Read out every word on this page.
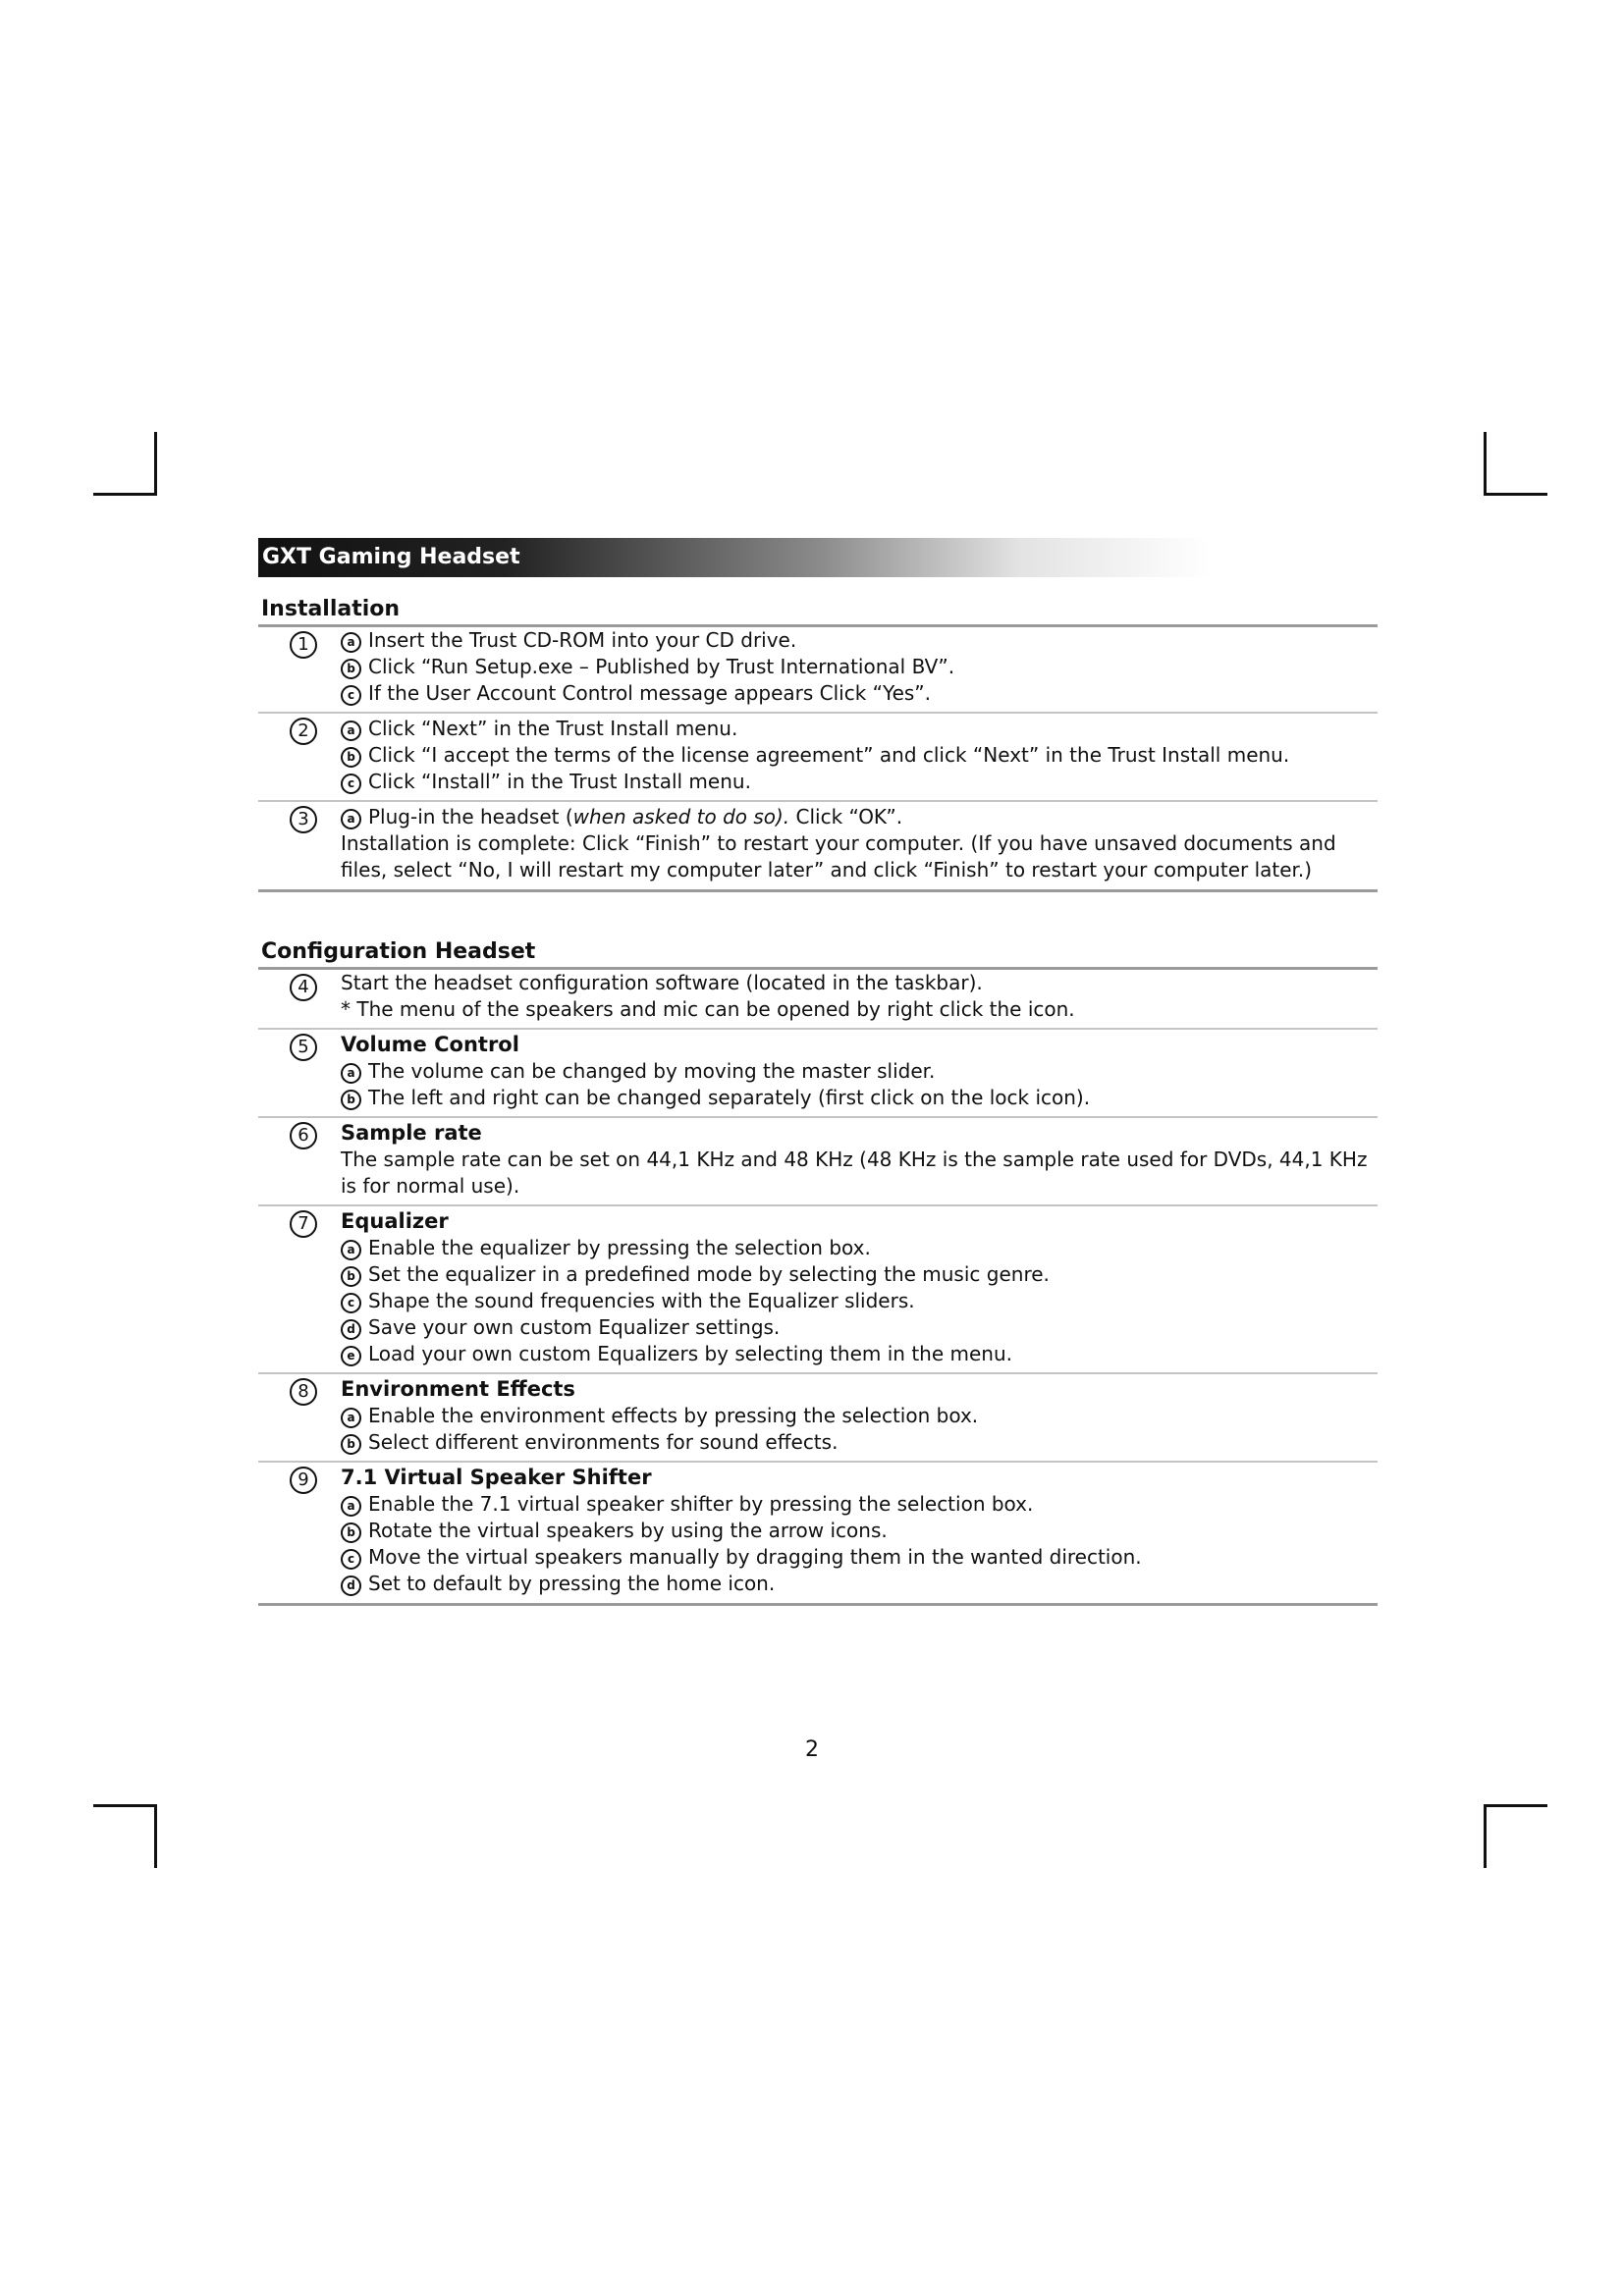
GXT Gaming Headset
Installation
1	a Insert the Trust CD-ROM into your CD drive.
b Click “Run Setup.exe – Published by Trust International BV”.
c If the User Account Control message appears Click “Yes”.
2	a Click “Next” in the Trust Install menu.
b Click “I accept the terms of the license agreement” and click “Next” in the Trust Install menu.
c Click “Install” in the Trust Install menu.
3	a Plug-in the headset (when asked to do so). Click “OK”.
Installation is complete: Click “Finish” to restart your computer. (If you have unsaved documents and files, select “No, I will restart my computer later” and click “Finish” to restart your computer later.)
Configuration Headset
4	Start the headset configuration software (located in the taskbar).
* The menu of the speakers and mic can be opened by right click the icon.
5	Volume Control
a The volume can be changed by moving the master slider.
b The left and right can be changed separately (first click on the lock icon).
6	Sample rate
The sample rate can be set on 44,1 KHz and 48 KHz (48 KHz is the sample rate used for DVDs, 44,1 KHz is for normal use).
7	Equalizer
a Enable the equalizer by pressing the selection box.
b Set the equalizer in a predefined mode by selecting the music genre.
c Shape the sound frequencies with the Equalizer sliders.
d Save your own custom Equalizer settings.
e Load your own custom Equalizers by selecting them in the menu.
8	Environment Effects
a Enable the environment effects by pressing the selection box.
b Select different environments for sound effects.
9	7.1 Virtual Speaker Shifter
a Enable the 7.1 virtual speaker shifter by pressing the selection box.
b Rotate the virtual speakers by using the arrow icons.
c Move the virtual speakers manually by dragging them in the wanted direction.
d Set to default by pressing the home icon.
2
